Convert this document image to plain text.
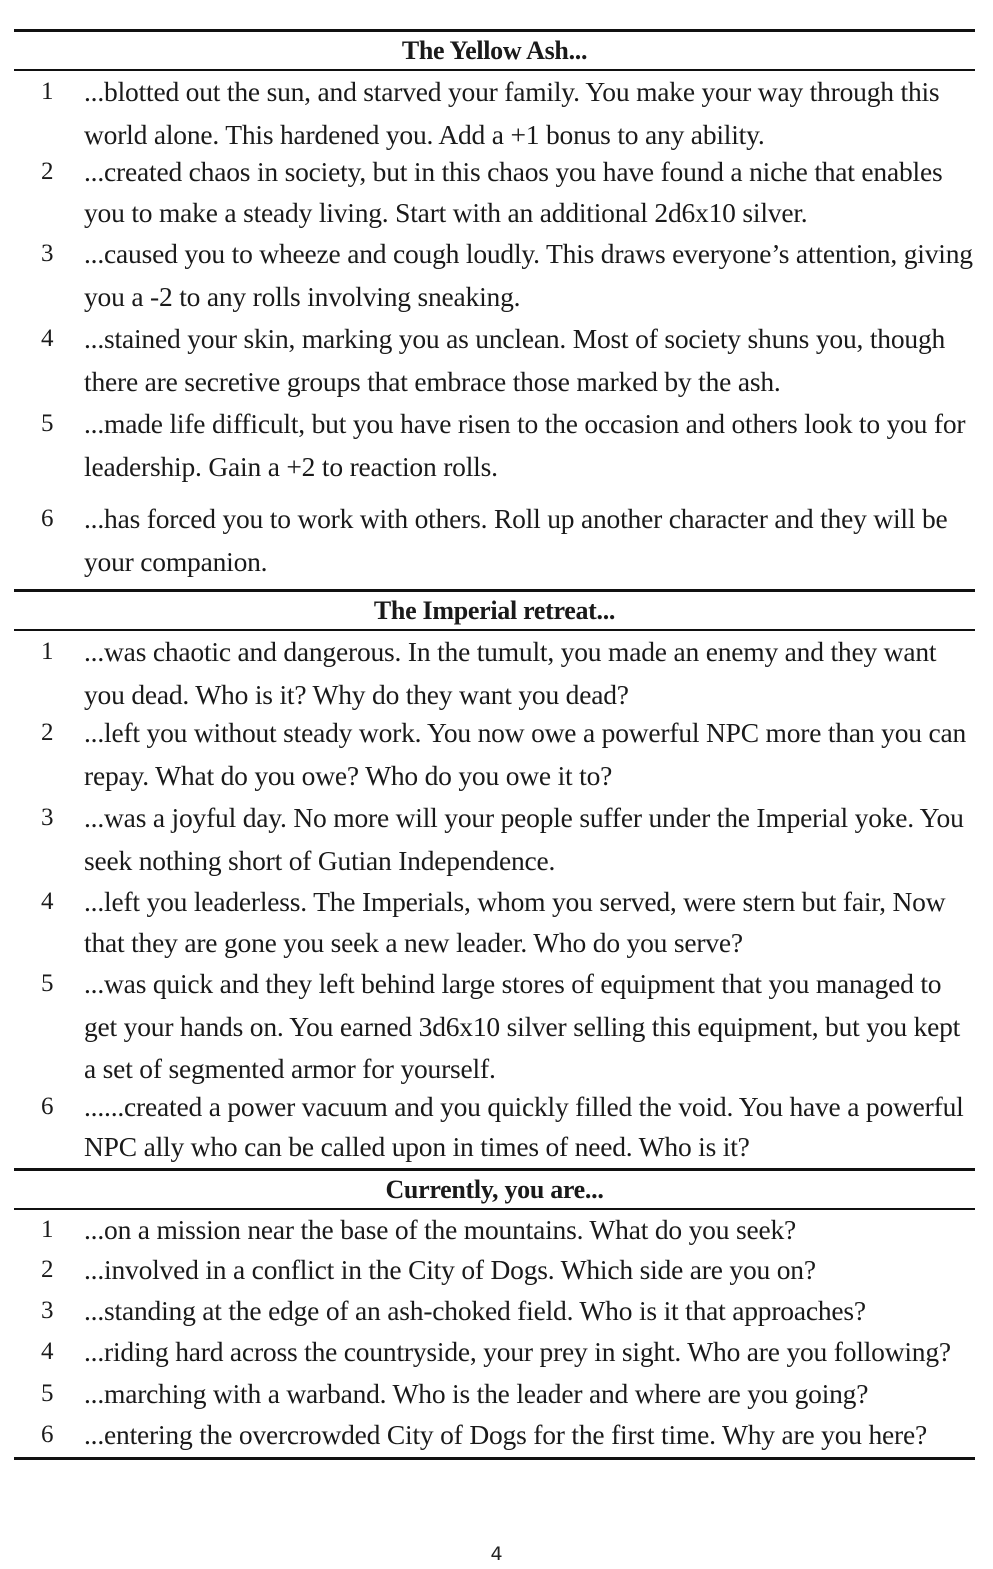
The Yellow Ash...
1	...blotted out the sun, and starved your family. You make your way through this world alone. This hardened you. Add a +1 bonus to any ability.
2	...created chaos in society, but in this chaos you have found a niche that enables you to make a steady living. Start with an additional 2d6x10 silver.
3	...caused you to wheeze and cough loudly. This draws everyone’s attention, giving you a -2 to any rolls involving sneaking.
4	...stained your skin, marking you as unclean. Most of society shuns you, though there are secretive groups that embrace those marked by the ash.
5	...made life difficult, but you have risen to the occasion and others look to you for leadership. Gain a +2 to reaction rolls.
6	...has forced you to work with others. Roll up another character and they will be your companion.
The Imperial retreat...
1	...was chaotic and dangerous. In the tumult, you made an enemy and they want you dead. Who is it? Why do they want you dead?
2	...left you without steady work. You now owe a powerful NPC more than you can repay. What do you owe? Who do you owe it to?
3	...was a joyful day. No more will your people suffer under the Imperial yoke. You seek nothing short of Gutian Independence.
4	...left you leaderless. The Imperials, whom you served, were stern but fair, Now that they are gone you seek a new leader. Who do you serve?
5	...was quick and they left behind large stores of equipment that you managed to get your hands on. You earned 3d6x10 silver selling this equipment, but you kept a set of segmented armor for yourself.
6	......created a power vacuum and you quickly filled the void. You have a powerful NPC ally who can be called upon in times of need. Who is it?
Currently, you are...
1	...on a mission near the base of the mountains. What do you seek?
2	...involved in a conflict in the City of Dogs. Which side are you on?
3	...standing at the edge of an ash-choked field. Who is it that approaches?
4	...riding hard across the countryside, your prey in sight. Who are you following?
5	...marching with a warband. Who is the leader and where are you going?
6	...entering the overcrowded City of Dogs for the first time. Why are you here?
4
